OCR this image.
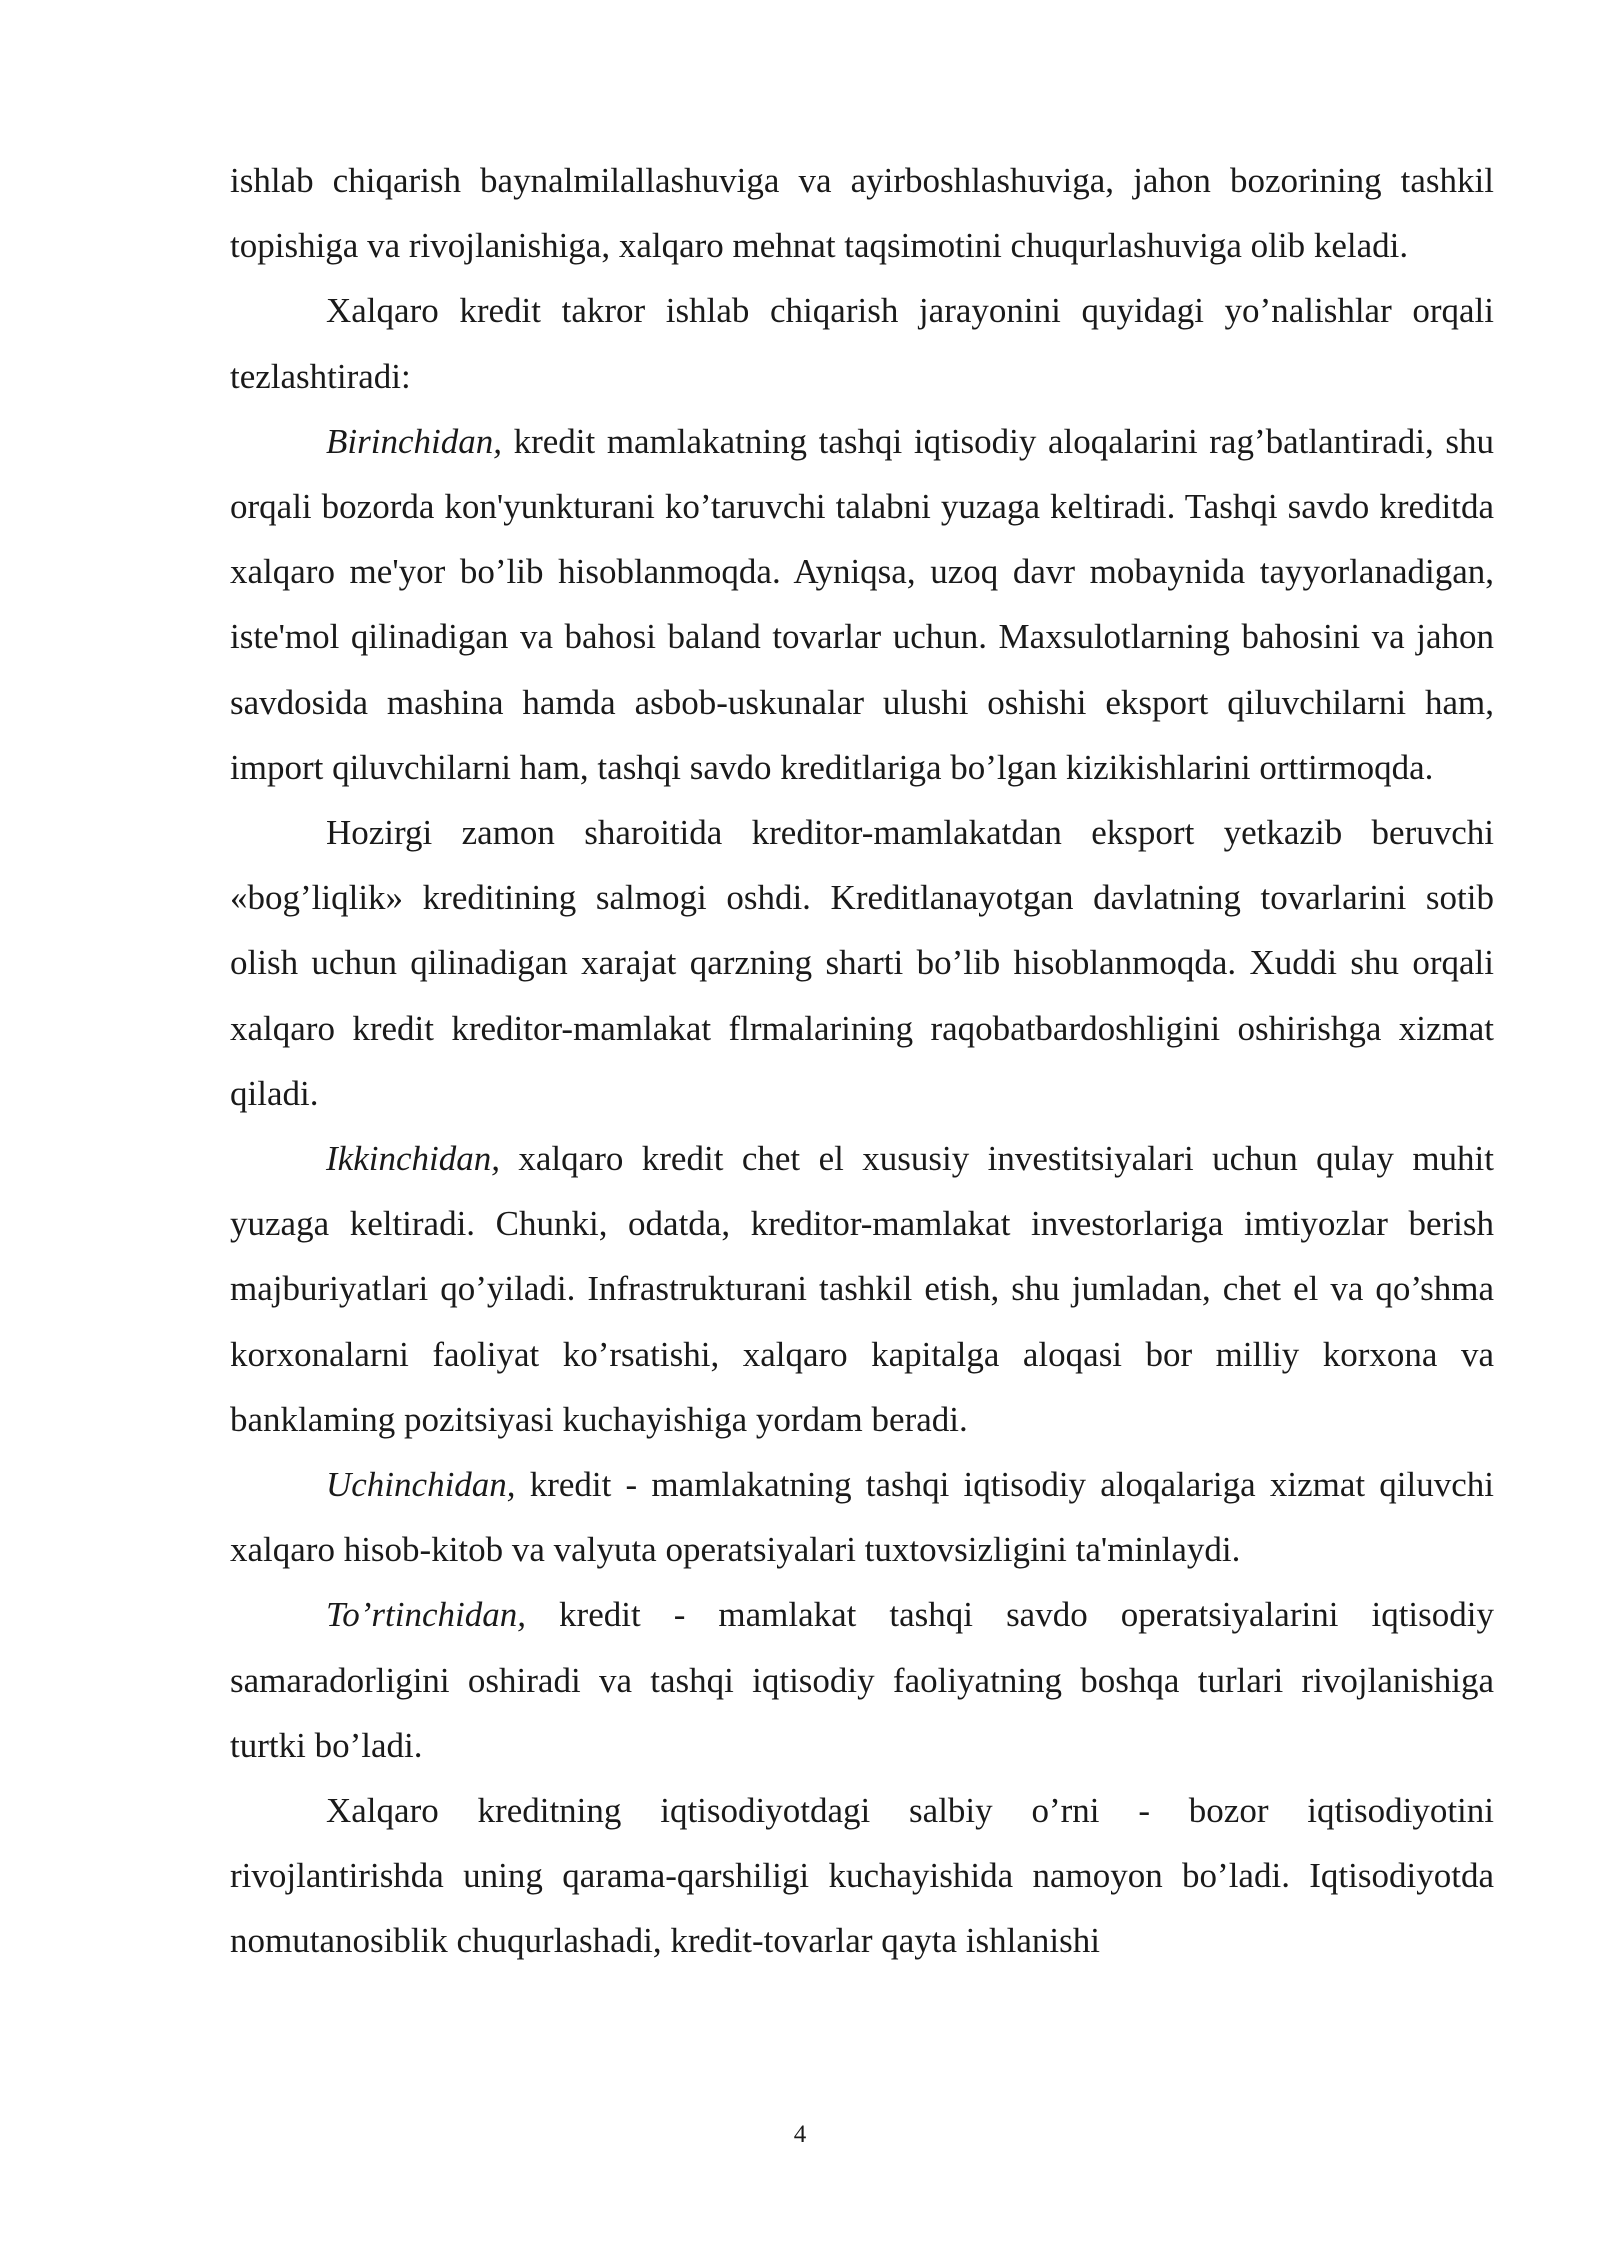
ishlab chiqarish baynalmilallashuviga va ayirboshlashuviga, jahon bozorining tashkil topishiga va rivojlanishiga, xalqaro mehnat taqsimotini chuqurlashuviga olib keladi.

Xalqaro kredit takror ishlab chiqarish jarayonini quyidagi yo’nalishlar orqali tezlashtiradi:

Birinchidan, kredit mamlakatning tashqi iqtisodiy aloqalarini rag’batlantiradi, shu orqali bozorda kon'yunkturani ko’taruvchi talabni yuzaga keltiradi. Tashqi savdo kreditda xalqaro me'yor bo’lib hisoblanmoqda. Ayniqsa, uzoq davr mobaynida tayyorlanadigan, iste'mol qilinadigan va bahosi baland tovarlar uchun. Maxsulotlarning bahosini va jahon savdosida mashina hamda asbob-uskunalar ulushi oshishi eksport qiluvchilarni ham, import qiluvchilarni ham, tashqi savdo kreditlariga bo’lgan kizikishlarini orttirmoqda.

Hozirgi zamon sharoitida kreditor-mamlakatdan eksport yetkazib beruvchi «bog’liqlik» kreditining salmogi oshdi. Kreditlanayotgan davlatning tovarlarini sotib olish uchun qilinadigan xarajat qarzning sharti bo’lib hisoblanmoqda. Xuddi shu orqali xalqaro kredit kreditor-mamlakat flrmalarining raqobatbardoshligini oshirishga xizmat qiladi.

Ikkinchidan, xalqaro kredit chet el xususiy investitsiyalari uchun qulay muhit yuzaga keltiradi. Chunki, odatda, kreditor-mamlakat investorlariga imtiyozlar berish majburiyatlari qo’yiladi. Infrastrukturani tashkil etish, shu jumladan, chet el va qo’shma korxonalarni faoliyat ko’rsatishi, xalqaro kapitalga aloqasi bor milliy korxona va banklaming pozitsiyasi kuchayishiga yordam beradi.

Uchinchidan, kredit - mamlakatning tashqi iqtisodiy aloqalariga xizmat qiluvchi xalqaro hisob-kitob va valyuta operatsiyalari tuxtovsizligini ta'minlaydi.

To’rtinchidan, kredit - mamlakat tashqi savdo operatsiyalarini iqtisodiy samaradorligini oshiradi va tashqi iqtisodiy faoliyatning boshqa turlari rivojlanishiga turtki bo’ladi.

Xalqaro kreditning iqtisodiyotdagi salbiy o’rni - bozor iqtisodiyotini rivojlantirishda uning qarama-qarshiligi kuchayishida namoyon bo’ladi. Iqtisodiyotda nomutanosiblik chuqurlashadi, kredit-tovarlar qayta ishlanishi

4
